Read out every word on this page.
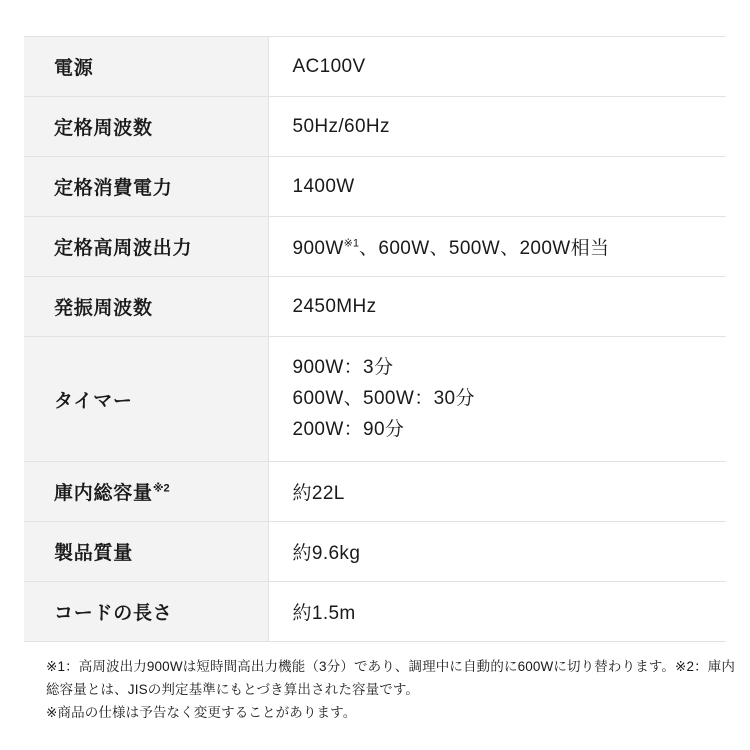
電源	AC100V
定格周波数	50Hz/60Hz
定格消費電力	1400W
定格高周波出力	$900W^{※1}$、600W、500W、200W相当
発振周波数	2450MHz
タイマー	900W：3分
600W、500W：30分
200W：90分

庫内総容量$^{※2}$	約22L
製品質量	約9.6kg
コードの長さ	約1.5m

※1：高周波出力900Wは短時間高出力機能（3分）であり、調理中に自動的に600Wに切り替わります。※2：庫内総容量とは、JISの判定基準にもとづき算出された容量です。

※商品の仕様は予告なく変更することがあります。
